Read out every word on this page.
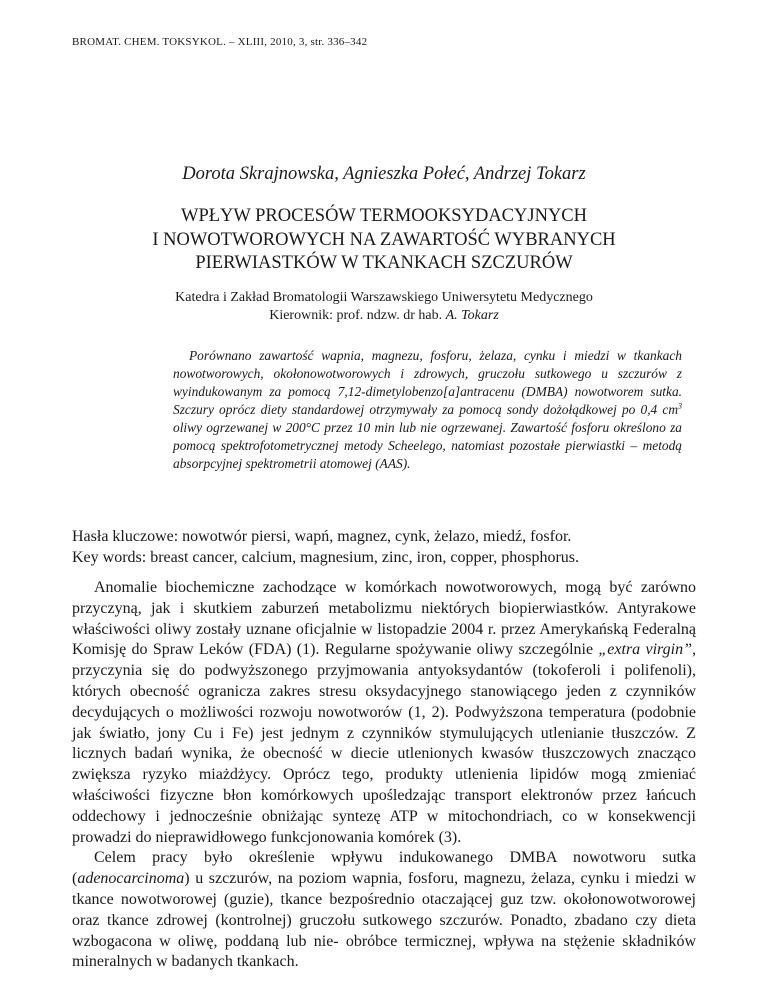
BROMAT. CHEM. TOKSYKOL. – XLIII, 2010, 3, str. 336–342
Dorota Skrajnowska, Agnieszka Połeć, Andrzej Tokarz
WPŁYW PROCESÓW TERMOOKSYDACYJNYCH
I NOWOTWOROWYCH NA ZAWARTOŚĆ WYBRANYCH
PIERWIASTKÓW W TKANKACH SZCZURÓW
Katedra i Zakład Bromatologii Warszawskiego Uniwersytetu Medycznego
Kierownik: prof. ndzw. dr hab. A. Tokarz
Porównano zawartość wapnia, magnezu, fosforu, żelaza, cynku i miedzi w tkankach nowotworowych, okołonowotworowych i zdrowych, gruczołu sutkowego u szczurów z wyindukowanym za pomocą 7,12-dimetylobenzo[a]antracenu (DMBA) nowotworem sutka. Szczury oprócz diety standardowej otrzymywały za pomocą sondy dożołądkowej po 0,4 $cm^3$ oliwy ogrzewanej w 200°C przez 10 min lub nie ogrzewanej. Zawartość fosforu określono za pomocą spektrofotometrycznej metody Scheelego, natomiast pozostałe pierwiastki – metodą absorpcyjnej spektrometrii atomowej (AAS).
Hasła kluczowe: nowotwór piersi, wapń, magnez, cynk, żelazo, miedź, fosfor.
Key words: breast cancer, calcium, magnesium, zinc, iron, copper, phosphorus.

Anomalie biochemiczne zachodzące w komórkach nowotworowych, mogą być zarówno przyczyną, jak i skutkiem zaburzeń metabolizmu niektórych biopierwiastków. Antyrakowe właściwości oliwy zostały uznane oficjalnie w listopadzie 2004 r. przez Amerykańską Federalną Komisję do Spraw Leków (FDA) (1). Regularne spożywanie oliwy szczególnie „extra virgin”, przyczynia się do podwyższonego przyjmowania antyoksydantów (tokoferoli i polifenoli), których obecność ogranicza zakres stresu oksydacyjnego stanowiącego jeden z czynników decydujących o możliwości rozwoju nowotworów (1, 2). Podwyższona temperatura (podobnie jak światło, jony Cu i Fe) jest jednym z czynników stymulujących utlenianie tłuszczów. Z licznych badań wynika, że obecność w diecie utlenionych kwasów tłuszczowych znacząco zwiększa ryzyko miażdżycy. Oprócz tego, produkty utlenienia lipidów mogą zmieniać właściwości fizyczne błon komórkowych upośledzając transport elektronów przez łańcuch oddechowy i jednocześnie obniżając syntezę ATP w mitochondriach, co w konsekwencji prowadzi do nieprawidłowego funkcjonowania komórek (3).

Celem pracy było określenie wpływu indukowanego DMBA nowotworu sutka (adenocarcinoma) u szczurów, na poziom wapnia, fosforu, magnezu, żelaza, cynku i miedzi w tkance nowotworowej (guzie), tkance bezpośrednio otaczającej guz tzw. okołonowotworowej oraz tkance zdrowej (kontrolnej) gruczołu sutkowego szczurów. Ponadto, zbadano czy dieta wzbogacona w oliwę, poddaną lub nie- obróbce termicznej, wpływa na stężenie składników mineralnych w badanych tkankach.
